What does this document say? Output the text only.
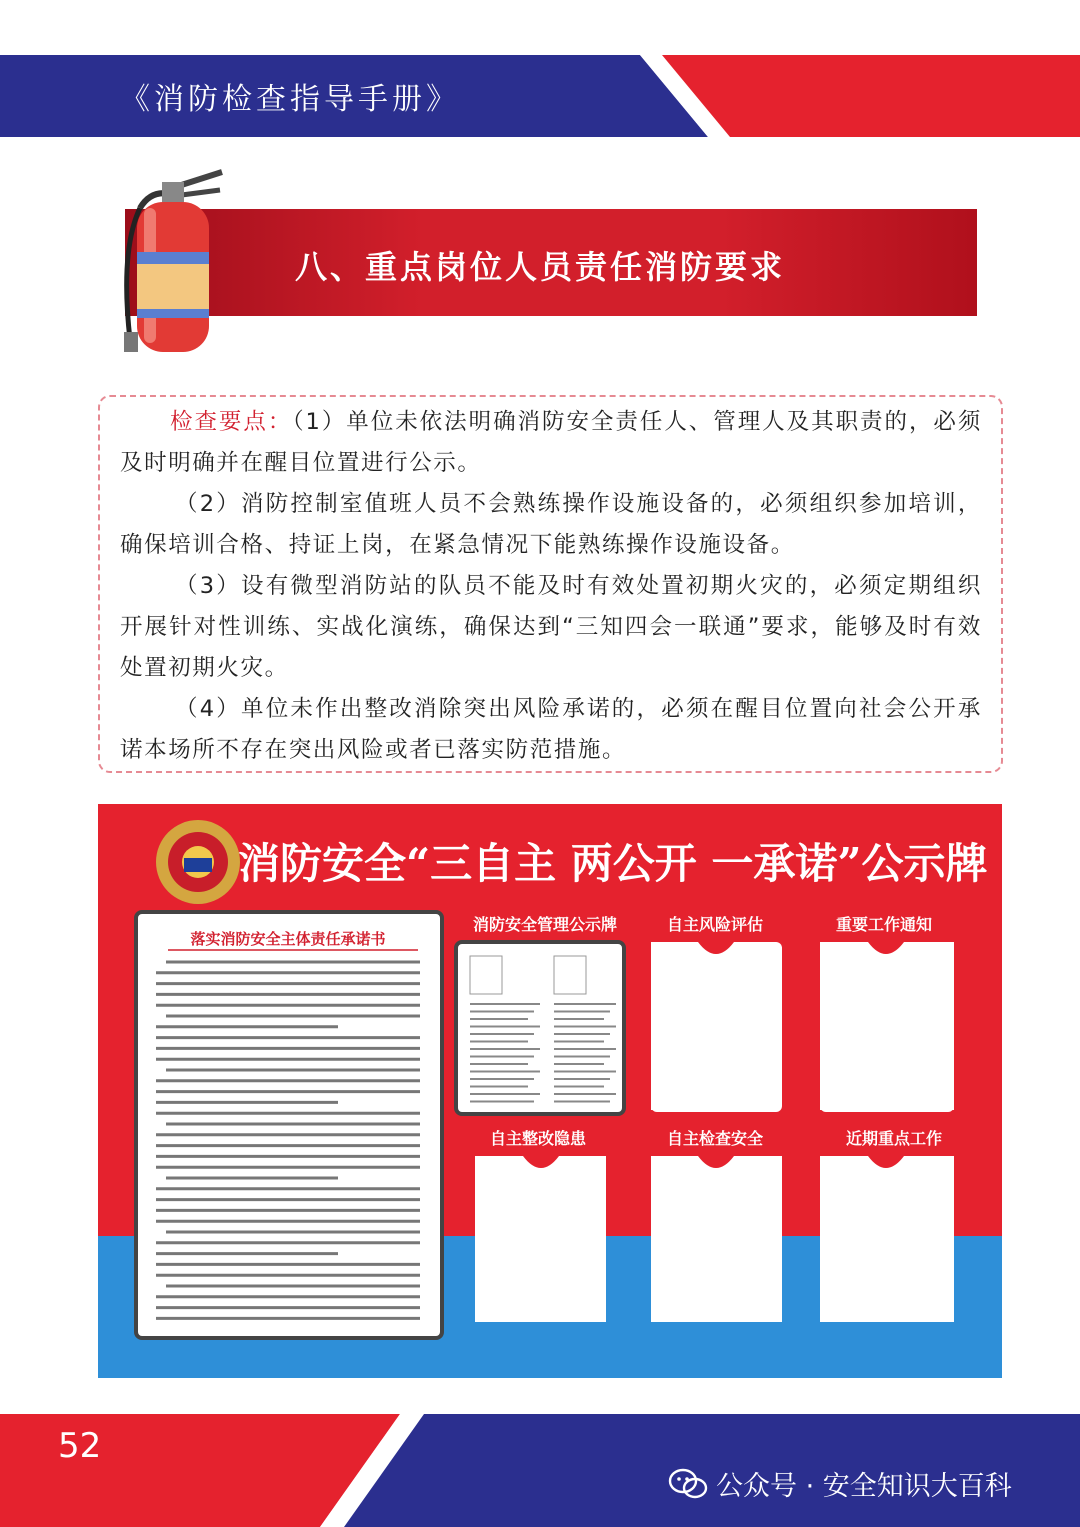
《消防检查指导手册》
八、重点岗位人员责任消防要求

检查要点：（1）单位未依法明确消防安全责任人、管理人及其职责的，必须及时明确并在醒目位置进行公示。

（2）消防控制室值班人员不会熟练操作设施设备的，必须组织参加培训，确保培训合格、持证上岗，在紧急情况下能熟练操作设施设备。

（3）设有微型消防站的队员不能及时有效处置初期火灾的，必须定期组织开展针对性训练、实战化演练，确保达到“三知四会一联通”要求，能够及时有效处置初期火灾。

（4）单位未作出整改消除突出风险承诺的，必须在醒目位置向社会公开承诺本场所不存在突出风险或者已落实防范措施。

消防安全“三自主 两公开 一承诺”公示牌
落实消防安全主体责任承诺书
消防安全管理公示牌	自主风险评估	重要工作通知
自主整改隐患	自主检查安全	近期重点工作
52
公众号 · 安全知识大百科
